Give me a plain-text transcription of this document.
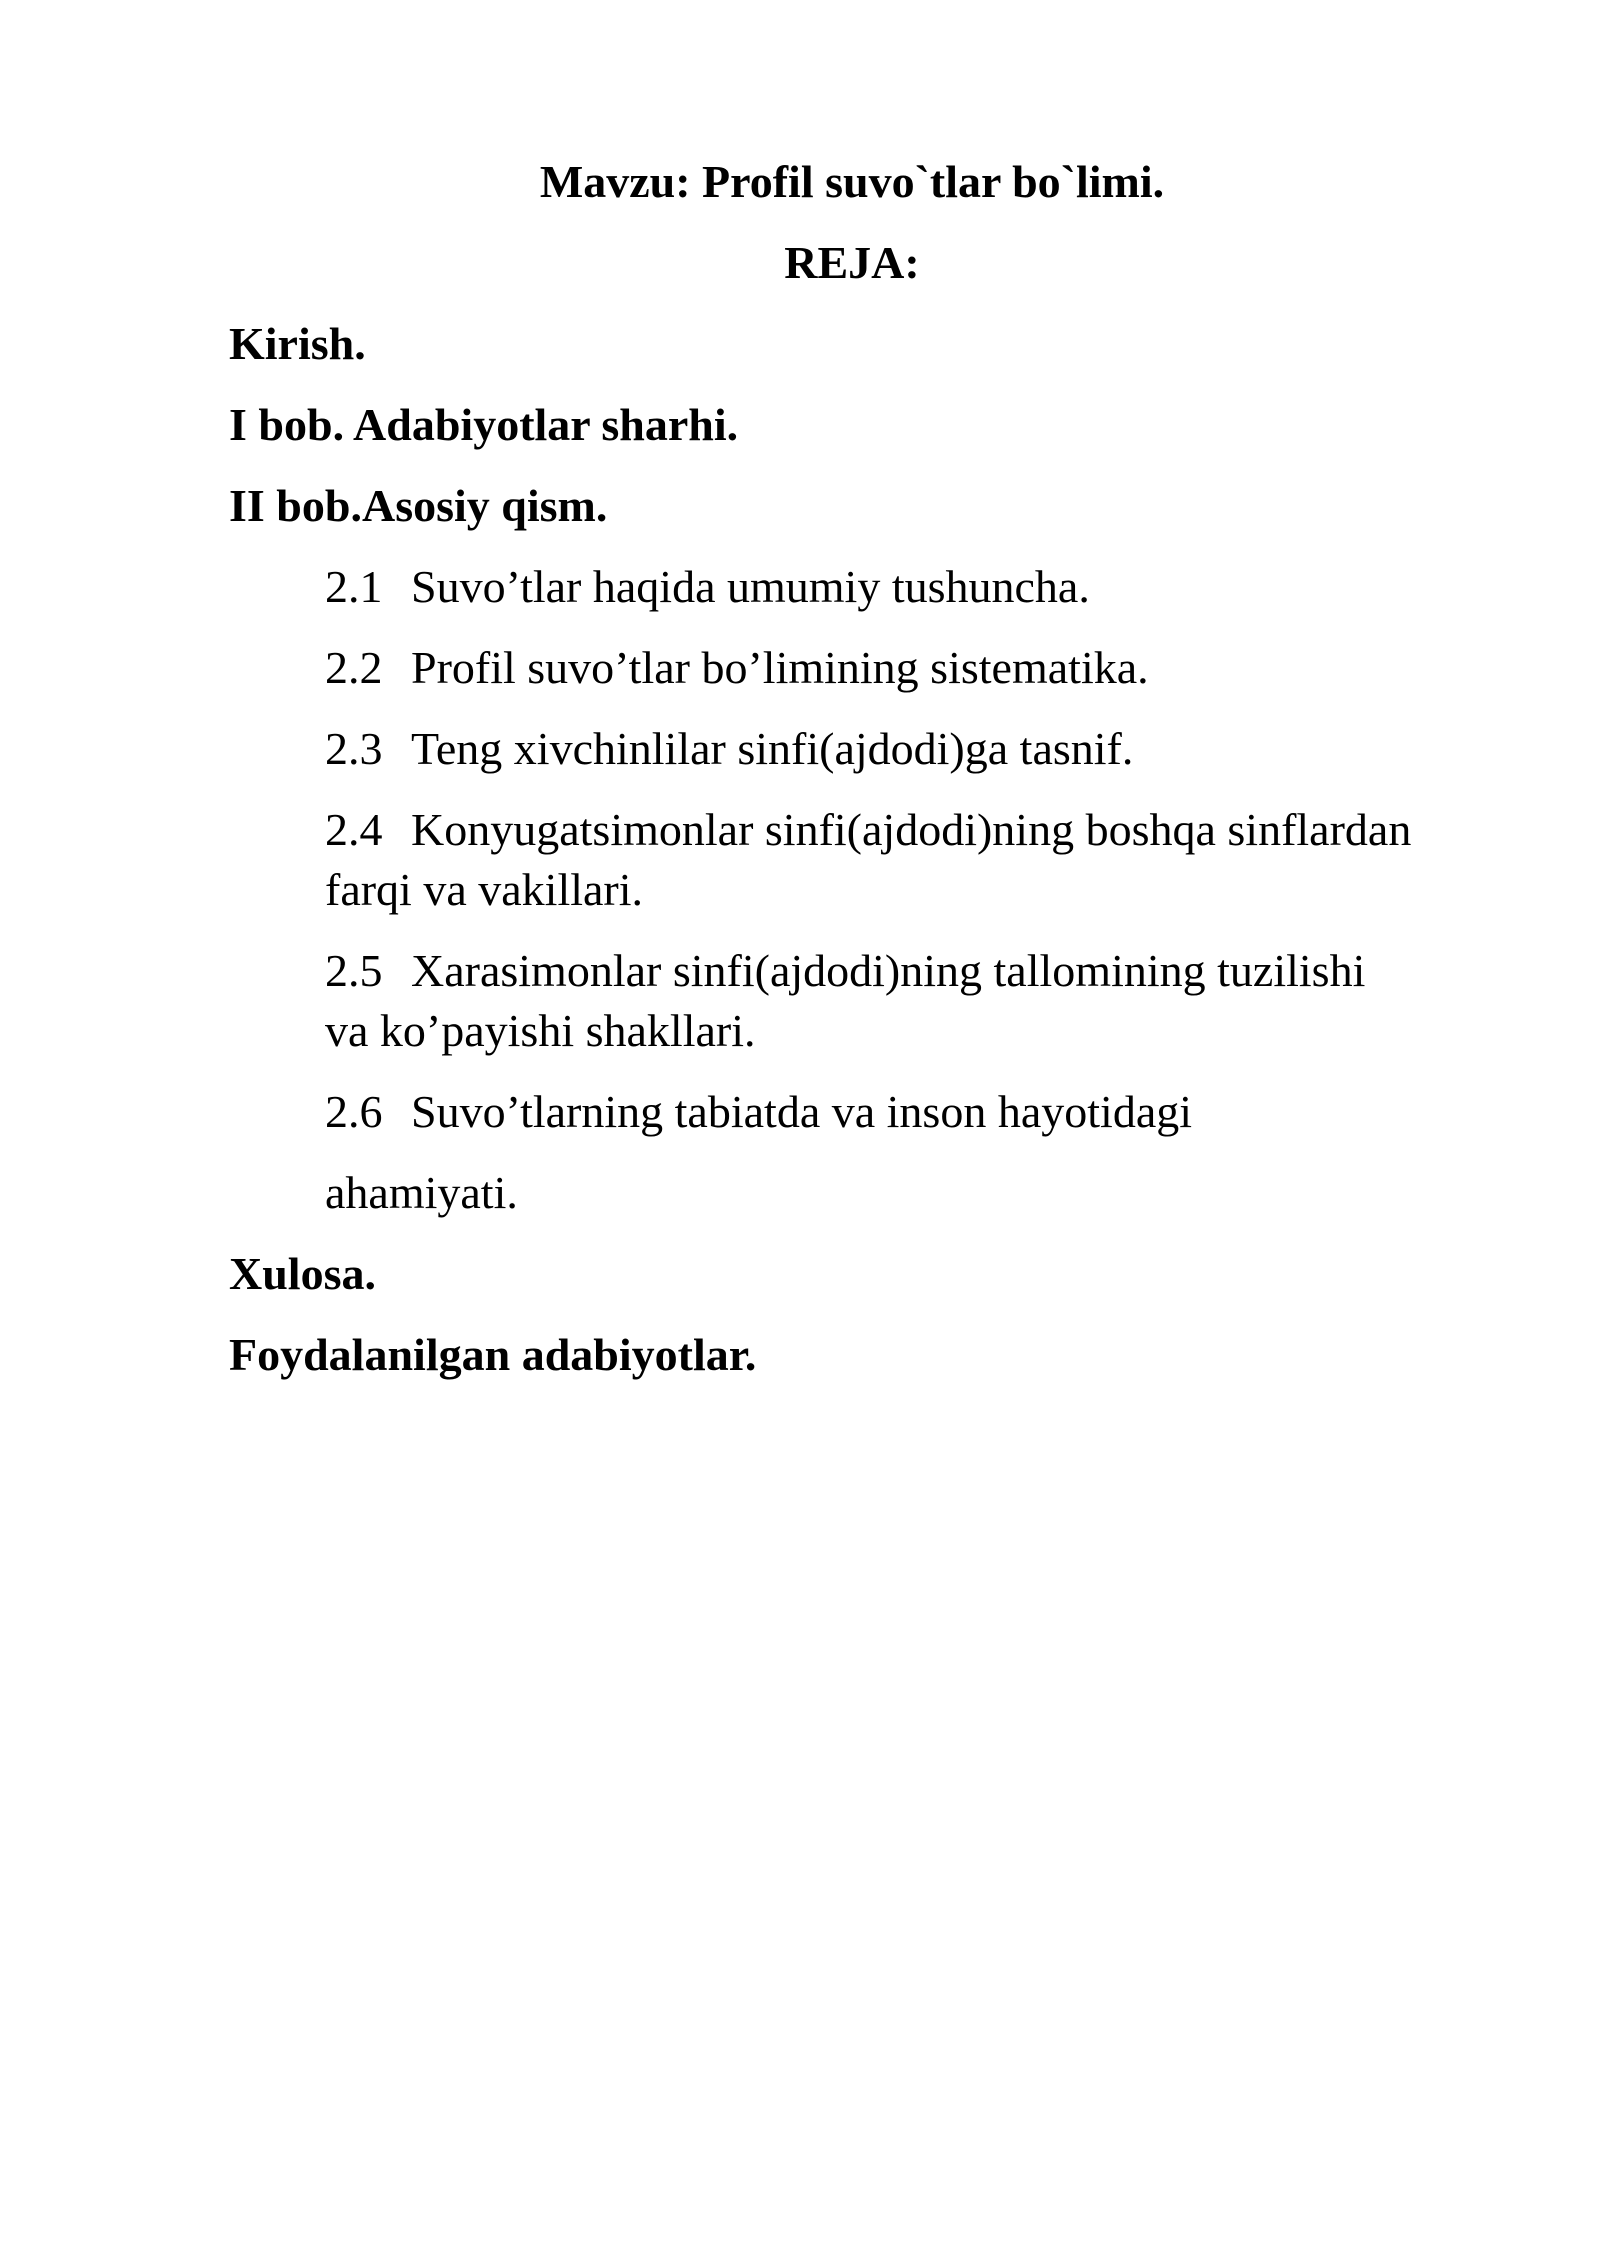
Mavzu: Profil suvo`tlar bo`limi.
REJA:
Kirish.
I bob. Adabiyotlar sharhi.
II bob.Asosiy qism.
2.1 Suvo’tlar haqida umumiy tushuncha.
2.2 Profil suvo’tlar bo’limining sistematika.
2.3 Teng xivchinlilar sinfi(ajdodi)ga tasnif.
2.4 Konyugatsimonlar sinfi(ajdodi)ning boshqa sinflardan
farqi va vakillari.
2.5 Xarasimonlar sinfi(ajdodi)ning tallomining tuzilishi
va ko’payishi shakllari.
2.6 Suvo’tlarning tabiatda va inson hayotidagi
ahamiyati.
Xulosa.
Foydalanilgan adabiyotlar.
